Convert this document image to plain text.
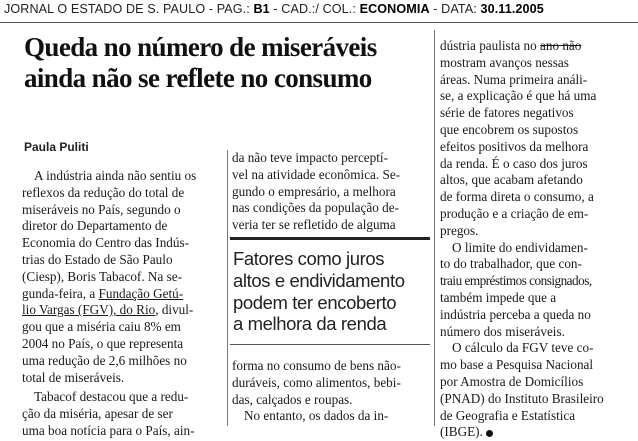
JORNAL O ESTADO DE S. PAULO - PAG.: B1 - CAD.:/ COL.: ECONOMIA - DATA: 30.11.2005
Queda no número de miseráveis
ainda não se reflete no consumo
Paula Puliti

A indústria ainda não sentiu os
reflexos da redução do total de
miseráveis no País, segundo o
diretor do Departamento de
Economia do Centro das Indús-
trias do Estado de São Paulo
(Ciesp), Boris Tabacof. Na se-
gunda-feira, a Fundação Getú-
lio Vargas (FGV), do Rio, divul-
gou que a miséria caiu 8% em
2004 no País, o que representa
uma redução de 2,6 milhões no
total de miseráveis.

Tabacof destacou que a redu-
ção da miséria, apesar de ser
uma boa notícia para o País, ain-

da não teve impacto perceptí-
vel na atividade econômica. Se-
gundo o empresário, a melhora
nas condições da população de-
veria ter se refletido de alguma

Fatores como juros
altos e endividamento
podem ter encoberto
a melhora da renda

forma no consumo de bens não-
duráveis, como alimentos, bebi-
das, calçados e roupas.

No entanto, os dados da in-

dústria paulista no ano não
mostram avanços nessas
áreas. Numa primeira análi-
se, a explicação é que há uma
série de fatores negativos
que encobrem os supostos
efeitos positivos da melhora
da renda. É o caso dos juros
altos, que acabam afetando
de forma direta o consumo, a
produção e a criação de em-
pregos.

O limite do endividamen-
to do trabalhador, que con-
traiu empréstimos consignados,
também impede que a
indústria perceba a queda no
número dos miseráveis.

O cálculo da FGV teve co-
mo base a Pesquisa Nacional
por Amostra de Domicílios
(PNAD) do Instituto Brasileiro
de Geografia e Estatística
(IBGE).
